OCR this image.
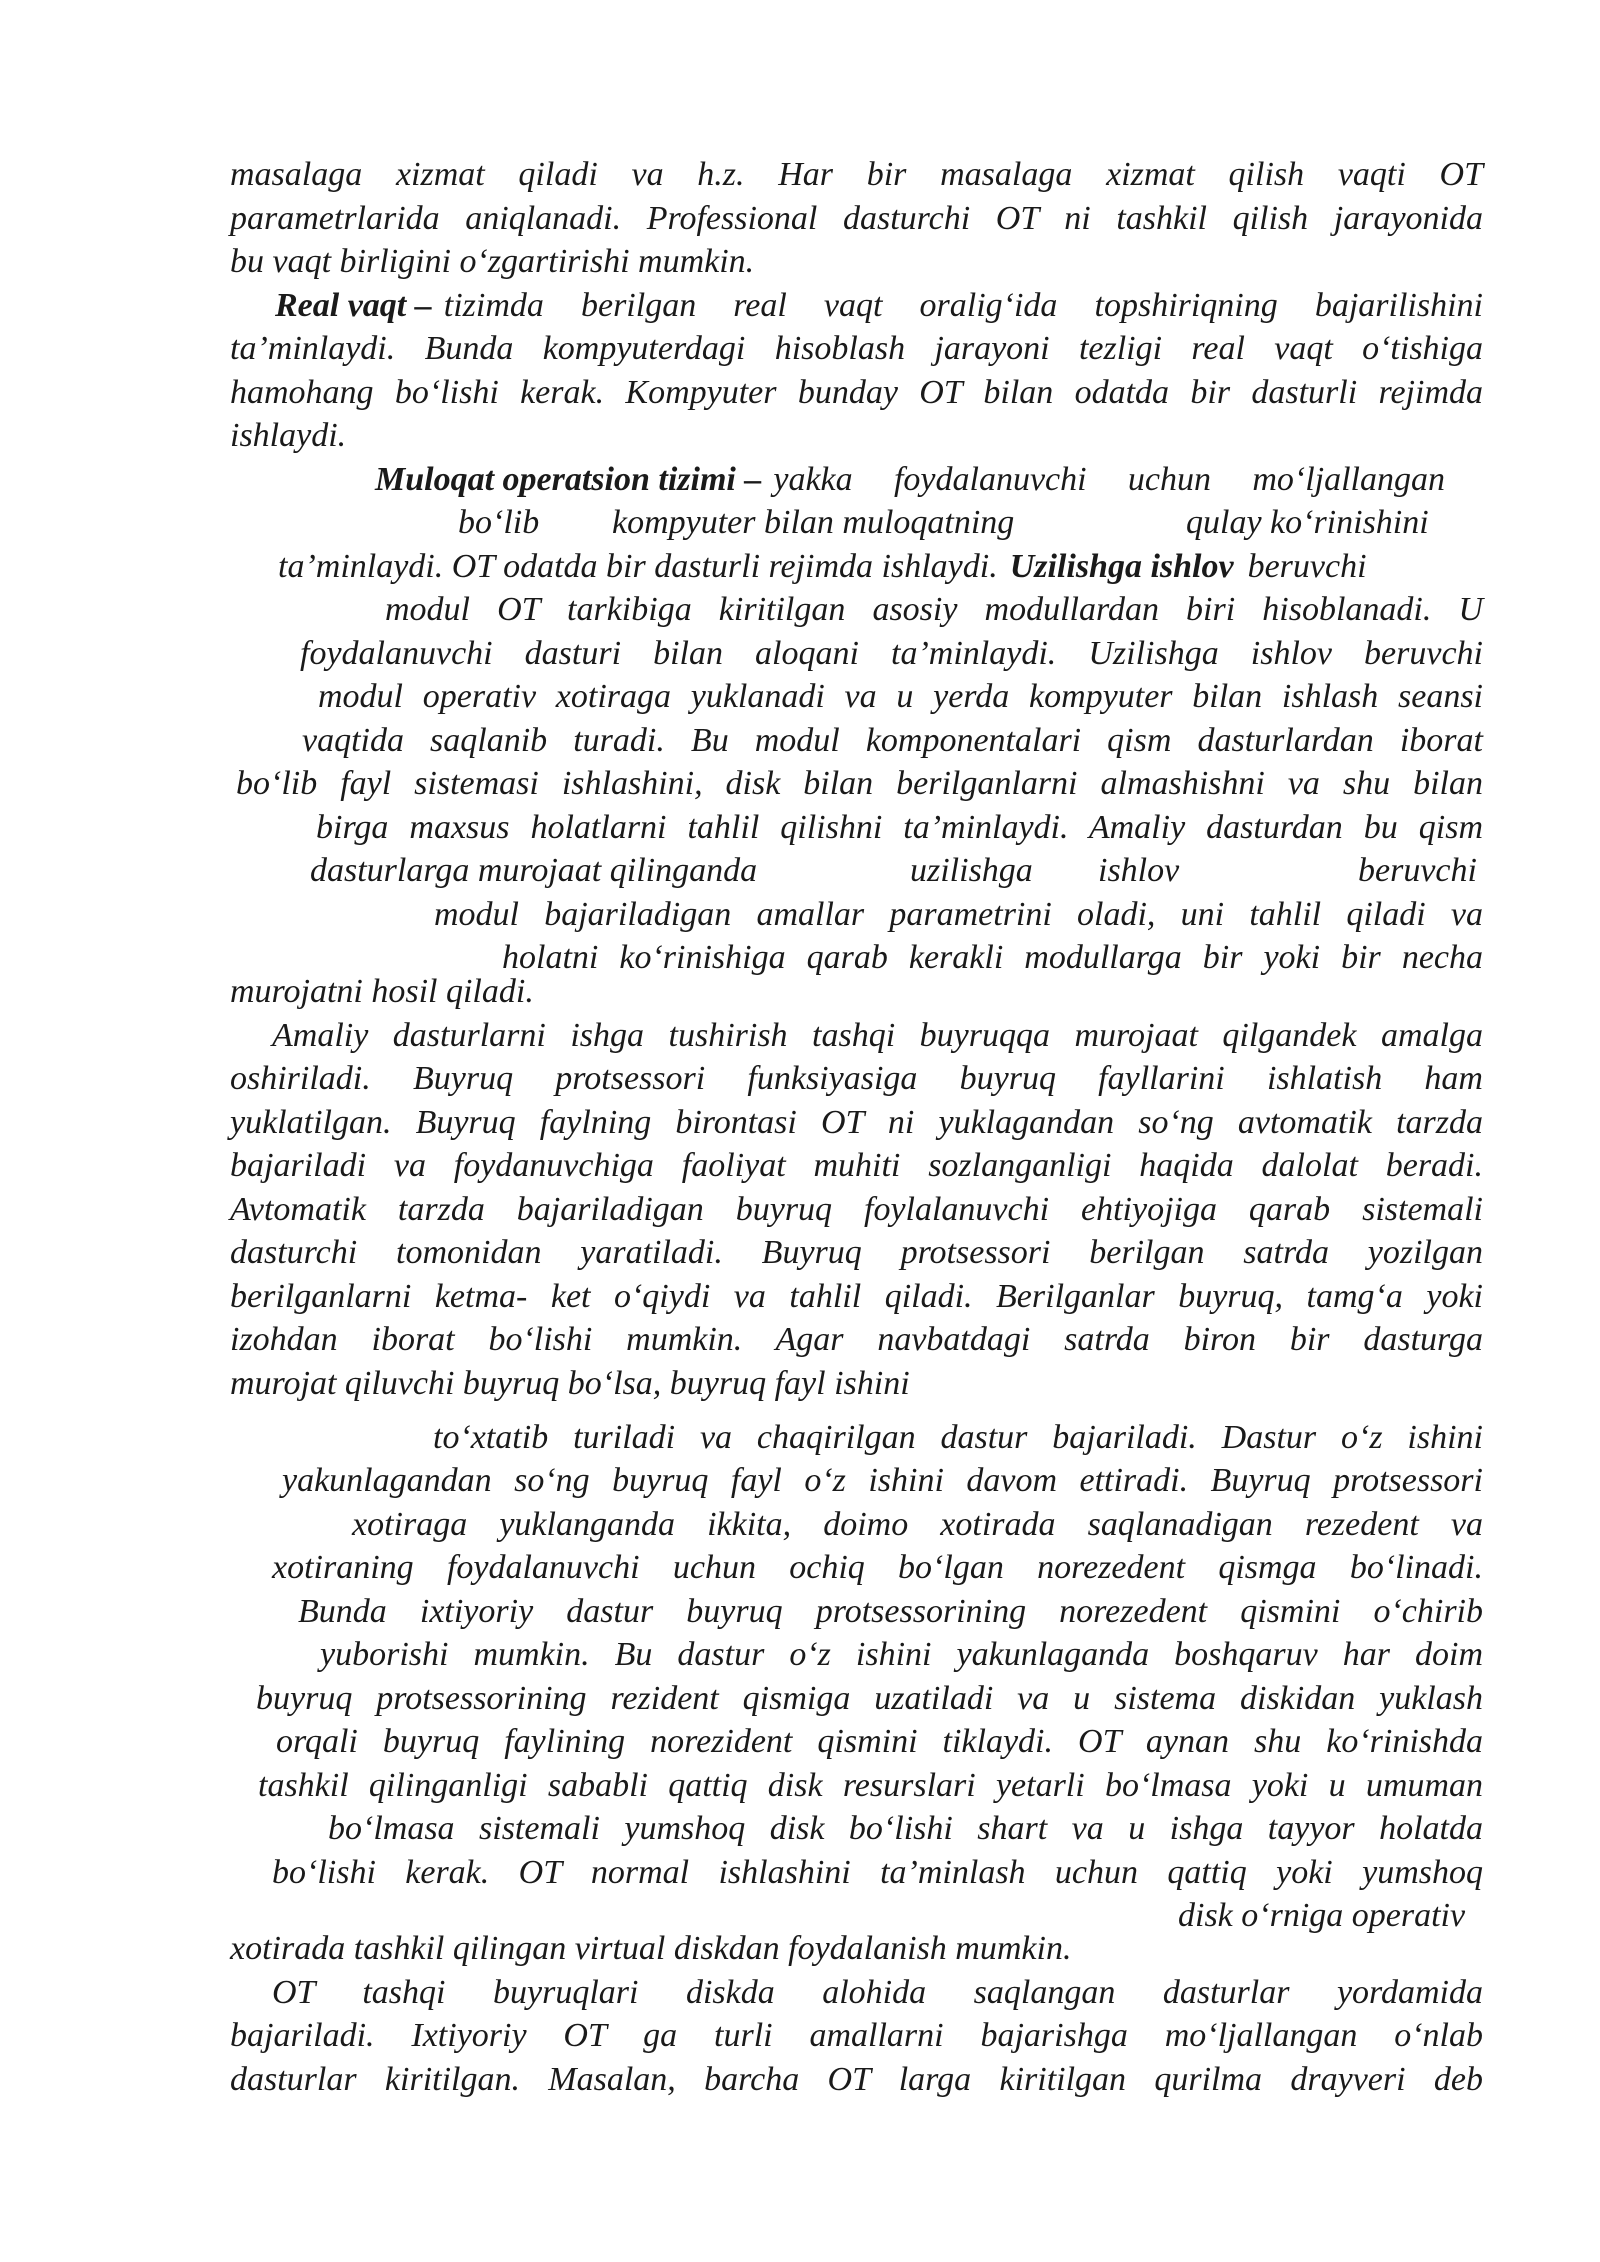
masalaga xizmat qiladi va h.z. Har bir masalaga xizmat qilish vaqti OT
parametrlarida aniqlanadi. Professional dasturchi OT ni tashkil qilish jarayonida
bu vaqt birligini o‘zgartirishi mumkin.
Real vaqt – tizimda berilgan real vaqt oralig‘ida topshiriqning bajarilishini
ta’minlaydi. Bunda kompyuterdagi hisoblash jarayoni tezligi real vaqt o‘tishiga
hamohang bo‘lishi kerak. Kompyuter bunday OT bilan odatda bir dasturli rejimda
ishlaydi.
Muloqat operatsion tizimi – yakka foydalanuvchi uchun mo‘ljallangan
bo‘lib kompyuter bilan muloqatning	qulay ko‘rinishini
ta’minlaydi. OT odatda bir dasturli rejimda ishlaydi. Uzilishga ishlov beruvchi
modul OT tarkibiga kiritilgan asosiy modullardan biri hisoblanadi. U
foydalanuvchi dasturi bilan aloqani ta’minlaydi. Uzilishga ishlov beruvchi
modul operativ xotiraga yuklanadi va u yerda kompyuter bilan ishlash seansi
vaqtida saqlanib turadi. Bu modul komponentalari qism dasturlardan iborat
bo‘lib fayl sistemasi ishlashini, disk bilan berilganlarni almashishni va shu bilan
birga maxsus holatlarni tahlil qilishni ta’minlaydi. Amaliy dasturdan bu qism
dasturlarga murojaat qilinganda	uzilishga ishlov	beruvchi
modul bajariladigan amallar parametrini oladi, uni tahlil qiladi va
holatni ko‘rinishiga qarab kerakli modullarga bir yoki bir necha
murojatni hosil qiladi.
Amaliy dasturlarni ishga tushirish tashqi buyruqqa murojaat qilgandek amalga
oshiriladi. Buyruq protsessori funksiyasiga buyruq fayllarini ishlatish ham
yuklatilgan. Buyruq faylning birontasi OT ni yuklagandan so‘ng avtomatik tarzda
bajariladi va foydanuvchiga faoliyat muhiti sozlanganligi haqida dalolat beradi.
Avtomatik tarzda bajariladigan buyruq foylalanuvchi ehtiyojiga qarab sistemali
dasturchi tomonidan yaratiladi. Buyruq protsessori berilgan satrda yozilgan
berilganlarni ketma- ket o‘qiydi va tahlil qiladi. Berilganlar buyruq, tamg‘a yoki
izohdan iborat bo‘lishi mumkin. Agar navbatdagi satrda biron bir dasturga
murojat qiluvchi buyruq bo‘lsa, buyruq fayl ishini
to‘xtatib turiladi va chaqirilgan dastur bajariladi. Dastur o‘z ishini
yakunlagandan so‘ng buyruq fayl o‘z ishini davom ettiradi. Buyruq protsessori
xotiraga yuklanganda ikkita, doimo xotirada saqlanadigan rezedent va
xotiraning foydalanuvchi uchun ochiq bo‘lgan norezedent qismga bo‘linadi.
Bunda ixtiyoriy dastur buyruq protsessorining norezedent qismini o‘chirib
yuborishi mumkin. Bu dastur o‘z ishini yakunlaganda boshqaruv har doim
buyruq protsessorining rezident qismiga uzatiladi va u sistema diskidan yuklash
orqali buyruq faylining norezident qismini tiklaydi. OT aynan shu ko‘rinishda
tashkil qilinganligi sababli qattiq disk resurslari yetarli bo‘lmasa yoki u umuman
bo‘lmasa sistemali yumshoq disk bo‘lishi shart va u ishga tayyor holatda
bo‘lishi kerak. OT normal ishlashini ta’minlash uchun qattiq yoki yumshoq
disk o‘rniga operativ
xotirada tashkil qilingan virtual diskdan foydalanish mumkin.
OT tashqi buyruqlari diskda alohida saqlangan dasturlar yordamida
bajariladi. Ixtiyoriy OT ga turli amallarni bajarishga mo‘ljallangan o‘nlab
dasturlar kiritilgan. Masalan, barcha OT larga kiritilgan qurilma drayveri deb
